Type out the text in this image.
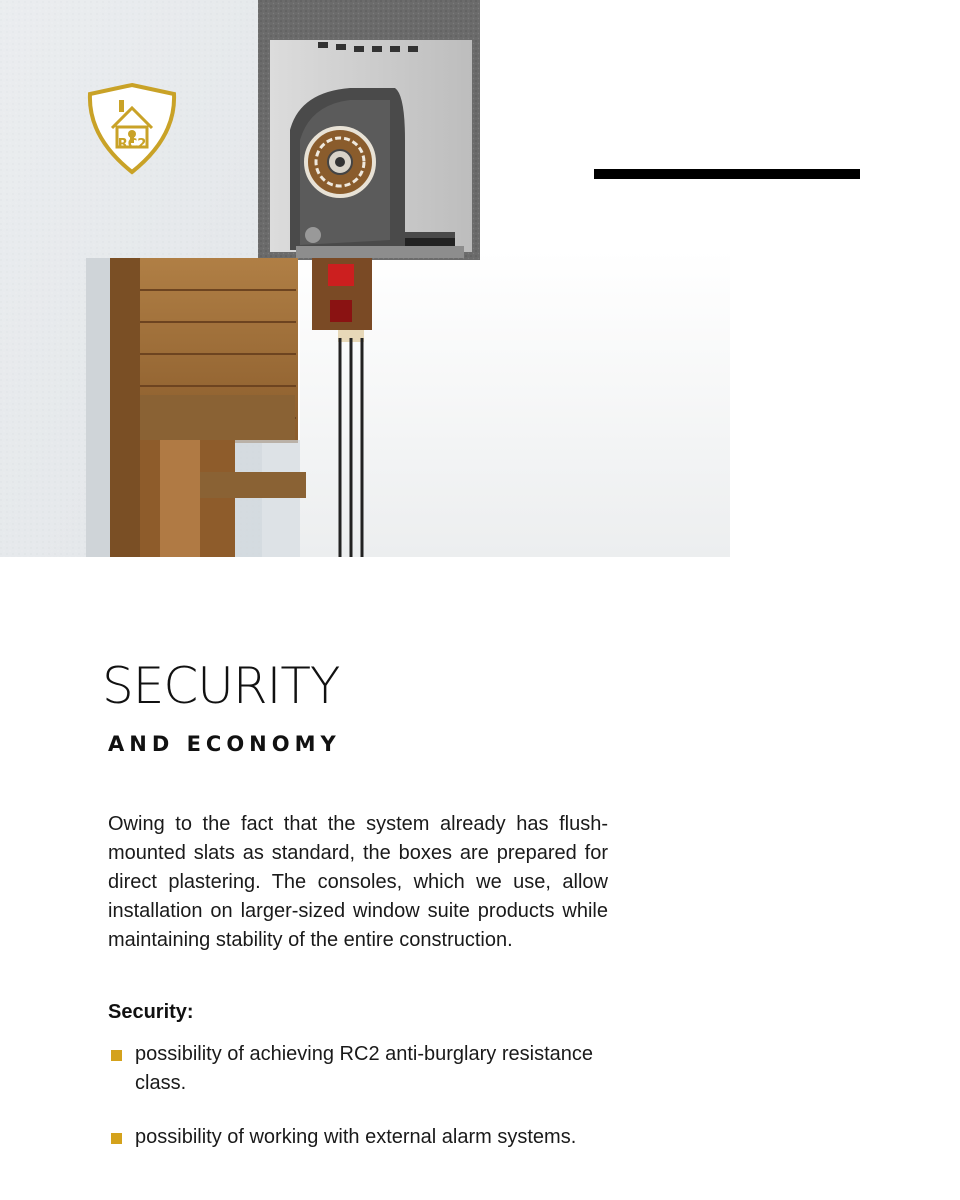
RC2
SECURITY
AND ECONOMY

Owing to the fact that the system already has flush-mounted slats as standard, the boxes are prepared for direct plastering. The consoles, which we use, allow installation on larger-sized window suite products while maintaining stability of the entire construction.

Security:
possibility of achieving RC2 anti-burglary resistance class.
possibility of working with external alarm systems.
